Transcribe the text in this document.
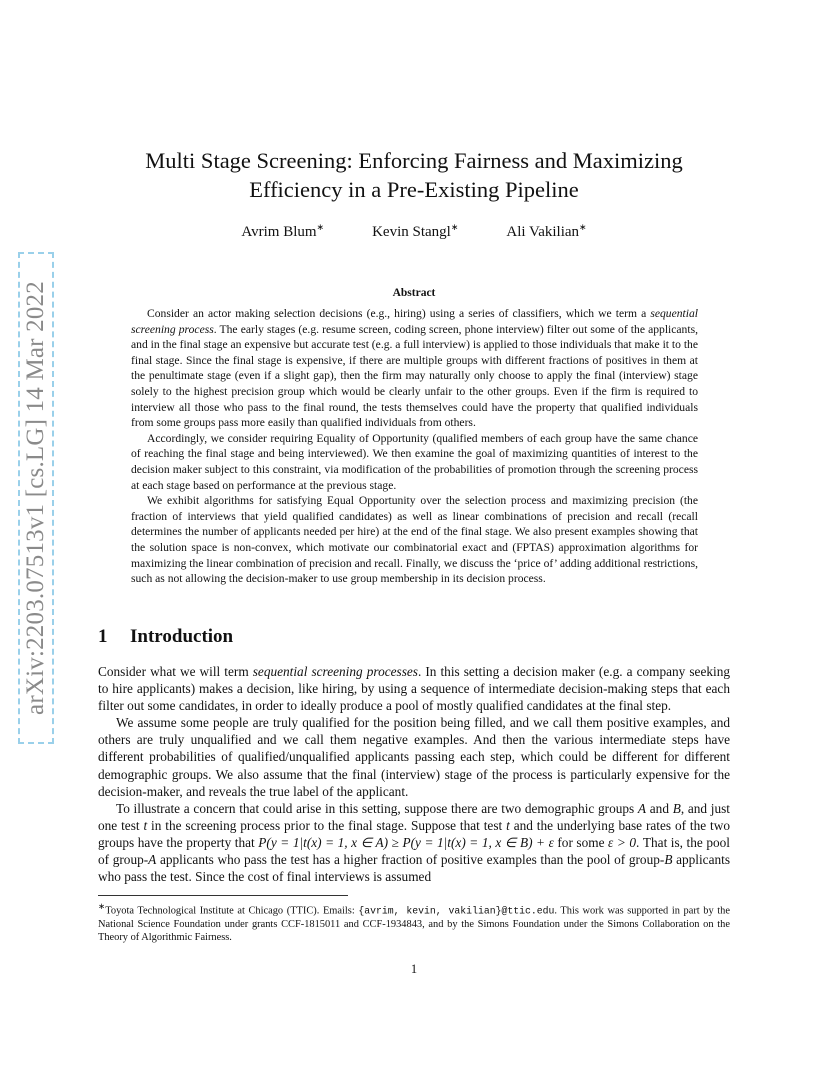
arXiv:2203.07513v1 [cs.LG] 14 Mar 2022
Multi Stage Screening: Enforcing Fairness and Maximizing Efficiency in a Pre-Existing Pipeline
Avrim Blum∗	Kevin Stangl∗	Ali Vakilian∗
Abstract

Consider an actor making selection decisions (e.g., hiring) using a series of classifiers, which we term a sequential screening process. The early stages (e.g. resume screen, coding screen, phone interview) filter out some of the applicants, and in the final stage an expensive but accurate test (e.g. a full interview) is applied to those individuals that make it to the final stage. Since the final stage is expensive, if there are multiple groups with different fractions of positives in them at the penultimate stage (even if a slight gap), then the firm may naturally only choose to apply the final (interview) stage solely to the highest precision group which would be clearly unfair to the other groups. Even if the firm is required to interview all those who pass to the final round, the tests themselves could have the property that qualified individuals from some groups pass more easily than qualified individuals from others.

Accordingly, we consider requiring Equality of Opportunity (qualified members of each group have the same chance of reaching the final stage and being interviewed). We then examine the goal of maximizing quantities of interest to the decision maker subject to this constraint, via modification of the probabilities of promotion through the screening process at each stage based on performance at the previous stage.

We exhibit algorithms for satisfying Equal Opportunity over the selection process and maximizing precision (the fraction of interviews that yield qualified candidates) as well as linear combinations of precision and recall (recall determines the number of applicants needed per hire) at the end of the final stage. We also present examples showing that the solution space is non-convex, which motivate our combinatorial exact and (FPTAS) approximation algorithms for maximizing the linear combination of precision and recall. Finally, we discuss the ‘price of’ adding additional restrictions, such as not allowing the decision-maker to use group membership in its decision process.

1 Introduction

Consider what we will term sequential screening processes. In this setting a decision maker (e.g. a company seeking to hire applicants) makes a decision, like hiring, by using a sequence of intermediate decision-making steps that each filter out some candidates, in order to ideally produce a pool of mostly qualified candidates at the final step.

We assume some people are truly qualified for the position being filled, and we call them positive examples, and others are truly unqualified and we call them negative examples. And then the various intermediate steps have different probabilities of qualified/unqualified applicants passing each step, which could be different for different demographic groups. We also assume that the final (interview) stage of the process is particularly expensive for the decision-maker, and reveals the true label of the applicant.

To illustrate a concern that could arise in this setting, suppose there are two demographic groups A and B, and just one test t in the screening process prior to the final stage. Suppose that test t and the underlying base rates of the two groups have the property that P(y = 1|t(x) = 1, x ∈ A) ≥ P(y = 1|t(x) = 1, x ∈ B) + ε for some ε > 0. That is, the pool of group-A applicants who pass the test has a higher fraction of positive examples than the pool of group-B applicants who pass the test. Since the cost of final interviews is assumed

∗Toyota Technological Institute at Chicago (TTIC). Emails: {avrim, kevin, vakilian}@ttic.edu. This work was supported in part by the National Science Foundation under grants CCF-1815011 and CCF-1934843, and by the Simons Foundation under the Simons Collaboration on the Theory of Algorithmic Fairness.
1
